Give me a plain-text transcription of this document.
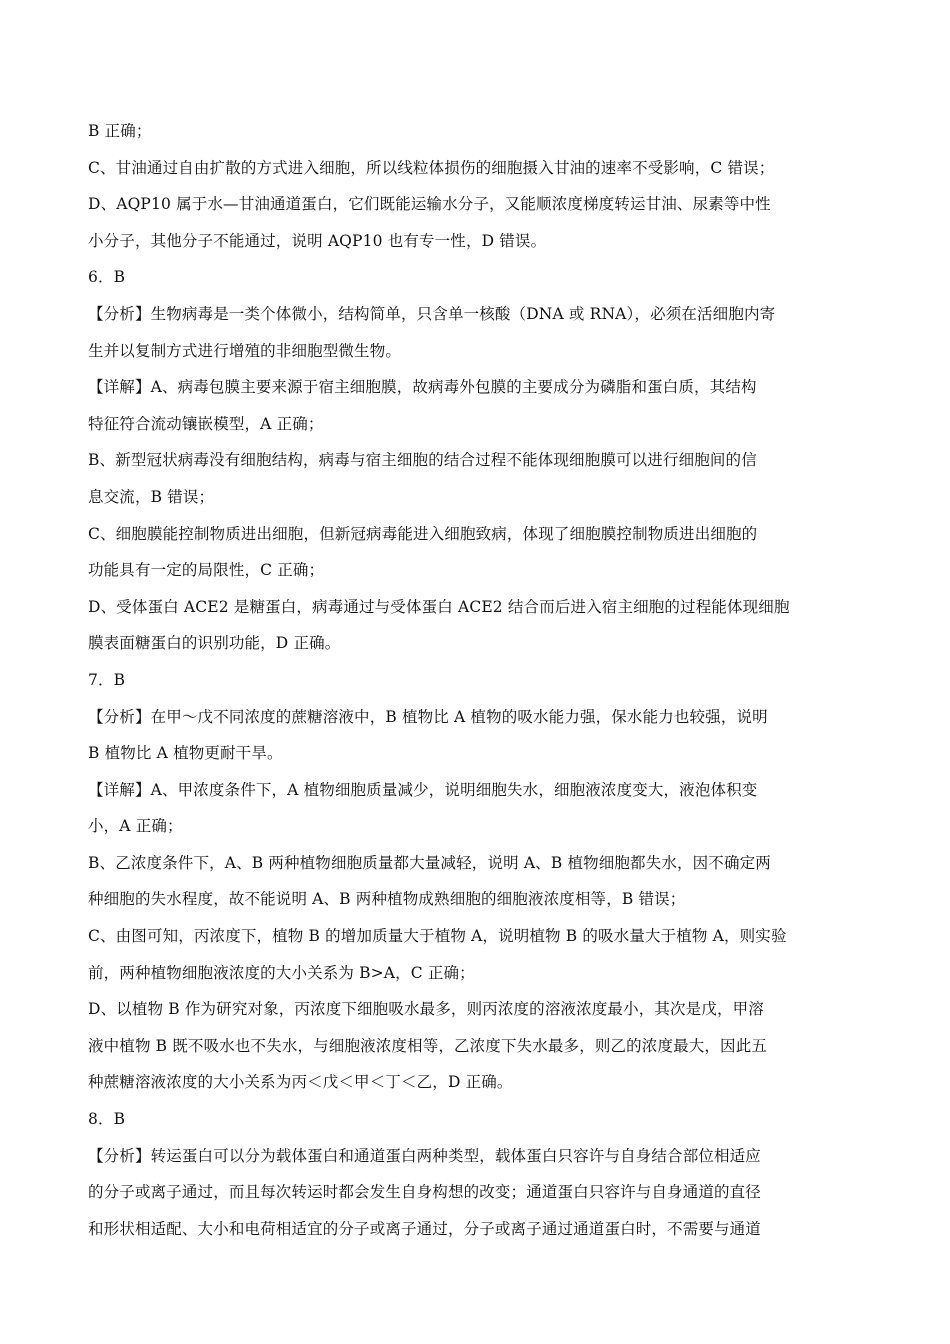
B 正确；
C、甘油通过自由扩散的方式进入细胞，所以线粒体损伤的细胞摄入甘油的速率不受影响，C 错误；
D、AQP10 属于水—甘油通道蛋白，它们既能运输水分子，又能顺浓度梯度转运甘油、尿素等中性
小分子，其他分子不能通过，说明 AQP10 也有专一性，D 错误。
6．B
【分析】生物病毒是一类个体微小，结构简单，只含单一核酸（DNA 或 RNA），必须在活细胞内寄
生并以复制方式进行增殖的非细胞型微生物。
【详解】A、病毒包膜主要来源于宿主细胞膜，故病毒外包膜的主要成分为磷脂和蛋白质，其结构
特征符合流动镶嵌模型，A 正确；
B、新型冠状病毒没有细胞结构，病毒与宿主细胞的结合过程不能体现细胞膜可以进行细胞间的信
息交流，B 错误；
C、细胞膜能控制物质进出细胞，但新冠病毒能进入细胞致病，体现了细胞膜控制物质进出细胞的
功能具有一定的局限性，C 正确；
D、受体蛋白 ACE2 是糖蛋白，病毒通过与受体蛋白 ACE2 结合而后进入宿主细胞的过程能体现细胞
膜表面糖蛋白的识别功能，D 正确。
7．B
【分析】在甲～戊不同浓度的蔗糖溶液中，B 植物比 A 植物的吸水能力强，保水能力也较强，说明
B 植物比 A 植物更耐干旱。
【详解】A、甲浓度条件下，A 植物细胞质量减少，说明细胞失水，细胞液浓度变大，液泡体积变
小，A 正确；
B、乙浓度条件下，A、B 两种植物细胞质量都大量减轻，说明 A、B 植物细胞都失水，因不确定两
种细胞的失水程度，故不能说明 A、B 两种植物成熟细胞的细胞液浓度相等，B 错误；
C、由图可知，丙浓度下，植物 B 的增加质量大于植物 A，说明植物 B 的吸水量大于植物 A，则实验
前，两种植物细胞液浓度的大小关系为 B>A，C 正确；
D、以植物 B 作为研究对象，丙浓度下细胞吸水最多，则丙浓度的溶液浓度最小，其次是戊，甲溶
液中植物 B 既不吸水也不失水，与细胞液浓度相等，乙浓度下失水最多，则乙的浓度最大，因此五
种蔗糖溶液浓度的大小关系为丙＜戊＜甲＜丁＜乙，D 正确。
8．B
【分析】转运蛋白可以分为载体蛋白和通道蛋白两种类型，载体蛋白只容许与自身结合部位相适应
的分子或离子通过，而且每次转运时都会发生自身构想的改变；通道蛋白只容许与自身通道的直径
和形状相适配、大小和电荷相适宜的分子或离子通过，分子或离子通过通道蛋白时，不需要与通道
